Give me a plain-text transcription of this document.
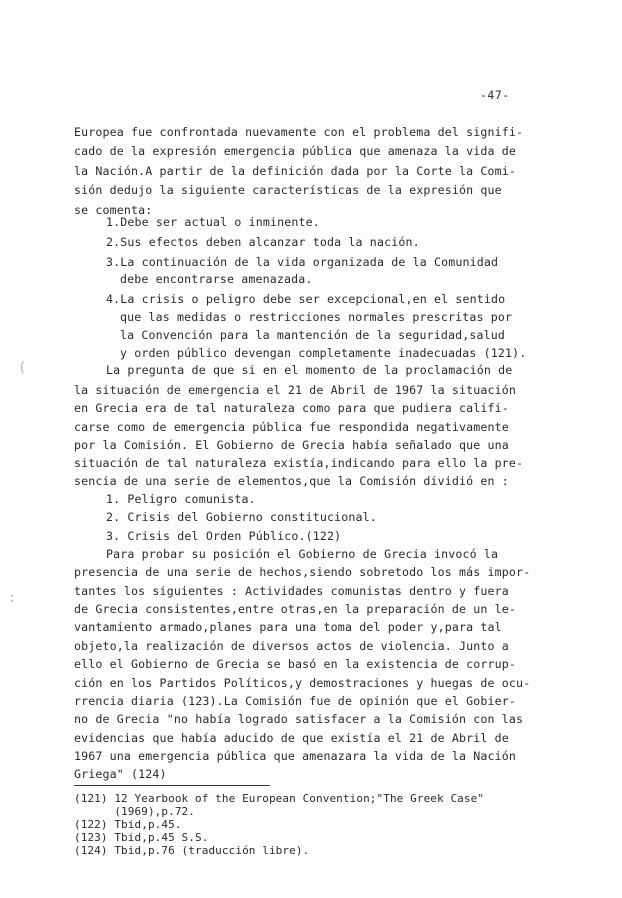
-47-
Europea fue confrontada nuevamente con el problema del signifi-
cado de la expresión emergencia pública que amenaza la vida de
la Nación.A partir de la definición dada por la Corte la Comi-
sión dedujo la siguiente características de la expresión que
se comenta:
1.Debe ser actual o inminente.
2.Sus efectos deben alcanzar toda la nación.
3.La continuación de la vida organizada de la Comunidad
debe encontrarse amenazada.
4.La crisis o peligro debe ser excepcional,en el sentido
que las medidas o restricciones normales prescritas por
la Convención para la mantención de la seguridad,salud
y orden público devengan completamente inadecuadas (121).
La pregunta de que si en el momento de la proclamación de
la situación de emergencia el 21 de Abril de 1967 la situación
en Grecia era de tal naturaleza como para que pudiera califi-
carse como de emergencia pública fue respondida negativamente
por la Comisión. El Gobierno de Grecia había señalado que una
situación de tal naturaleza existía,indicando para ello la pre-
sencia de una serie de elementos,que la Comisión dividió en :
1. Peligro comunista.
2. Crisis del Gobierno constitucional.
3. Crisis del Orden Público.(122)
Para probar su posición el Gobierno de Grecia invocó la
presencia de una serie de hechos,siendo sobretodo los más impor-
tantes los siguientes : Actividades comunistas dentro y fuera
de Grecia consistentes,entre otras,en la preparación de un le-
vantamiento armado,planes para una toma del poder y,para tal
objeto,la realización de diversos actos de violencia. Junto a
ello el Gobierno de Grecia se basó en la existencia de corrup-
ción en los Partidos Políticos,y demostraciones y huegas de ocu-
rrencia diaria (123).La Comisión fue de opinión que el Gobier-
no de Grecia "no había logrado satisfacer a la Comisión con las
evidencias que había aducido de que existía el 21 de Abril de
1967 una emergencia pública que amenazara la vida de la Nación
Griega" (124)
(121) 12 Yearbook of the European Convention;"The Greek Case"
(1969),p.72.
(122) Tbid,p.45.
(123) Tbid,p.45 S.S.
(124) Tbid,p.76 (traducción libre).
(
:
